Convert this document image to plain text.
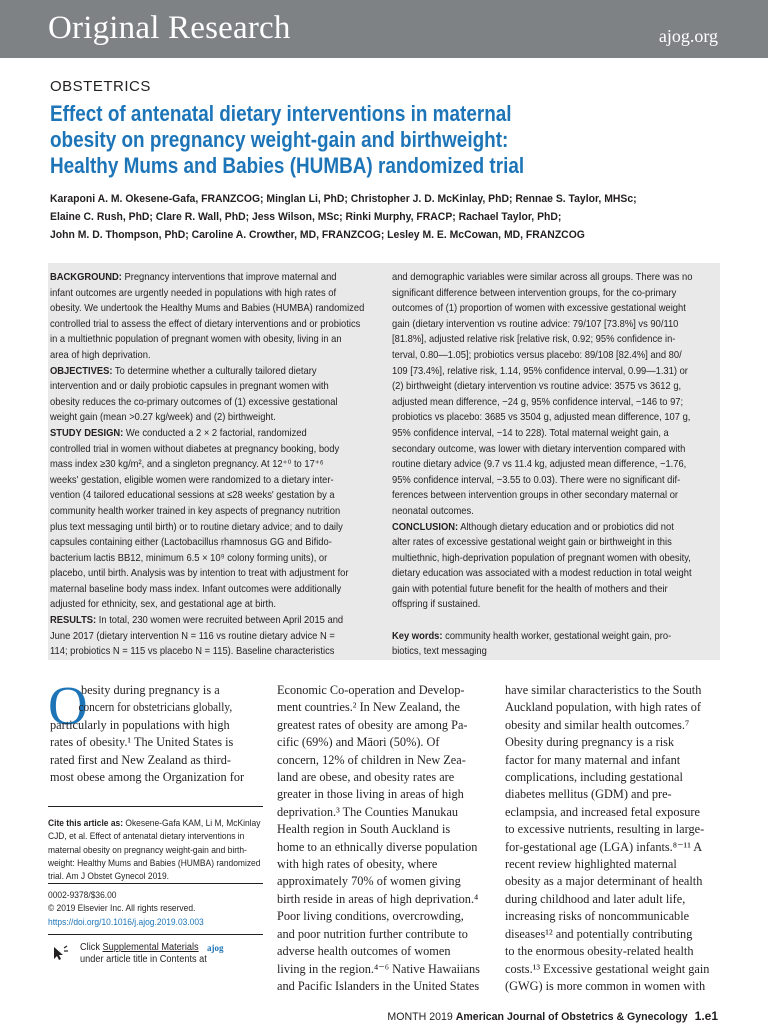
Original Research	ajog.org
OBSTETRICS
Effect of antenatal dietary interventions in maternal
obesity on pregnancy weight-gain and birthweight:
Healthy Mums and Babies (HUMBA) randomized trial
Karaponi A. M. Okesene-Gafa, FRANZCOG; Minglan Li, PhD; Christopher J. D. McKinlay, PhD; Rennae S. Taylor, MHSc;
Elaine C. Rush, PhD; Clare R. Wall, PhD; Jess Wilson, MSc; Rinki Murphy, FRACP; Rachael Taylor, PhD;
John M. D. Thompson, PhD; Caroline A. Crowther, MD, FRANZCOG; Lesley M. E. McCowan, MD, FRANZCOG
BACKGROUND: Pregnancy interventions that improve maternal and
infant outcomes are urgently needed in populations with high rates of
obesity. We undertook the Healthy Mums and Babies (HUMBA) randomized
controlled trial to assess the effect of dietary interventions and or probiotics
in a multiethnic population of pregnant women with obesity, living in an
area of high deprivation.
OBJECTIVES: To determine whether a culturally tailored dietary
intervention and or daily probiotic capsules in pregnant women with
obesity reduces the co-primary outcomes of (1) excessive gestational
weight gain (mean >0.27 kg/week) and (2) birthweight.
STUDY DESIGN: We conducted a 2 × 2 factorial, randomized
controlled trial in women without diabetes at pregnancy booking, body
mass index ≥30 kg/m², and a singleton pregnancy. At 12⁺⁰ to 17⁺⁶
weeks' gestation, eligible women were randomized to a dietary inter-
vention (4 tailored educational sessions at ≤28 weeks' gestation by a
community health worker trained in key aspects of pregnancy nutrition
plus text messaging until birth) or to routine dietary advice; and to daily
capsules containing either (Lactobacillus rhamnosus GG and Bifido-
bacterium lactis BB12, minimum 6.5 × 10⁹ colony forming units), or
placebo, until birth. Analysis was by intention to treat with adjustment for
maternal baseline body mass index. Infant outcomes were additionally
adjusted for ethnicity, sex, and gestational age at birth.
RESULTS: In total, 230 women were recruited between April 2015 and
June 2017 (dietary intervention N = 116 vs routine dietary advice N =
114; probiotics N = 115 vs placebo N = 115). Baseline characteristics
and demographic variables were similar across all groups. There was no
significant difference between intervention groups, for the co-primary
outcomes of (1) proportion of women with excessive gestational weight
gain (dietary intervention vs routine advice: 79/107 [73.8%] vs 90/110
[81.8%], adjusted relative risk [relative risk, 0.92; 95% confidence in-
terval, 0.80—1.05]; probiotics versus placebo: 89/108 [82.4%] and 80/
109 [73.4%], relative risk, 1.14, 95% confidence interval, 0.99—1.31) or
(2) birthweight (dietary intervention vs routine advice: 3575 vs 3612 g,
adjusted mean difference, −24 g, 95% confidence interval, −146 to 97;
probiotics vs placebo: 3685 vs 3504 g, adjusted mean difference, 107 g,
95% confidence interval, −14 to 228). Total maternal weight gain, a
secondary outcome, was lower with dietary intervention compared with
routine dietary advice (9.7 vs 11.4 kg, adjusted mean difference, −1.76,
95% confidence interval, −3.55 to 0.03). There were no significant dif-
ferences between intervention groups in other secondary maternal or
neonatal outcomes.
CONCLUSION: Although dietary education and or probiotics did not
alter rates of excessive gestational weight gain or birthweight in this
multiethnic, high-deprivation population of pregnant women with obesity,
dietary education was associated with a modest reduction in total weight
gain with potential future benefit for the health of mothers and their
offspring if sustained.

Key words: community health worker, gestational weight gain, pro-
biotics, text messaging
O
besity during pregnancy is a
concern for obstetricians globally,
particularly in populations with high
rates of obesity.¹ The United States is
rated first and New Zealand as third-
most obese among the Organization for
Economic Co-operation and Develop-
ment countries.² In New Zealand, the
greatest rates of obesity are among Pa-
cific (69%) and Māori (50%). Of
concern, 12% of children in New Zea-
land are obese, and obesity rates are
greater in those living in areas of high
deprivation.³ The Counties Manukau
Health region in South Auckland is
home to an ethnically diverse population
with high rates of obesity, where
approximately 70% of women giving
birth reside in areas of high deprivation.⁴
Poor living conditions, overcrowding,
and poor nutrition further contribute to
adverse health outcomes of women
living in the region.⁴⁻⁶ Native Hawaiians
and Pacific Islanders in the United States
have similar characteristics to the South
Auckland population, with high rates of
obesity and similar health outcomes.⁷
Obesity during pregnancy is a risk
factor for many maternal and infant
complications, including gestational
diabetes mellitus (GDM) and pre-
eclampsia, and increased fetal exposure
to excessive nutrients, resulting in large-
for-gestational age (LGA) infants.⁸⁻¹¹ A
recent review highlighted maternal
obesity as a major determinant of health
during childhood and later adult life,
increasing risks of noncommunicable
diseases¹² and potentially contributing
to the enormous obesity-related health
costs.¹³ Excessive gestational weight gain
(GWG) is more common in women with
Cite this article as: Okesene-Gafa KAM, Li M, McKinlay
CJD, et al. Effect of antenatal dietary interventions in
maternal obesity on pregnancy weight-gain and birth-
weight: Healthy Mums and Babies (HUMBA) randomized
trial. Am J Obstet Gynecol 2019.
0002-9378/$36.00
© 2019 Elsevier Inc. All rights reserved.
https://doi.org/10.1016/j.ajog.2019.03.003
Click Supplemental Materials
under article title in Contents at
ajog
MONTH 2019 American Journal of Obstetrics & Gynecology 1.e1
